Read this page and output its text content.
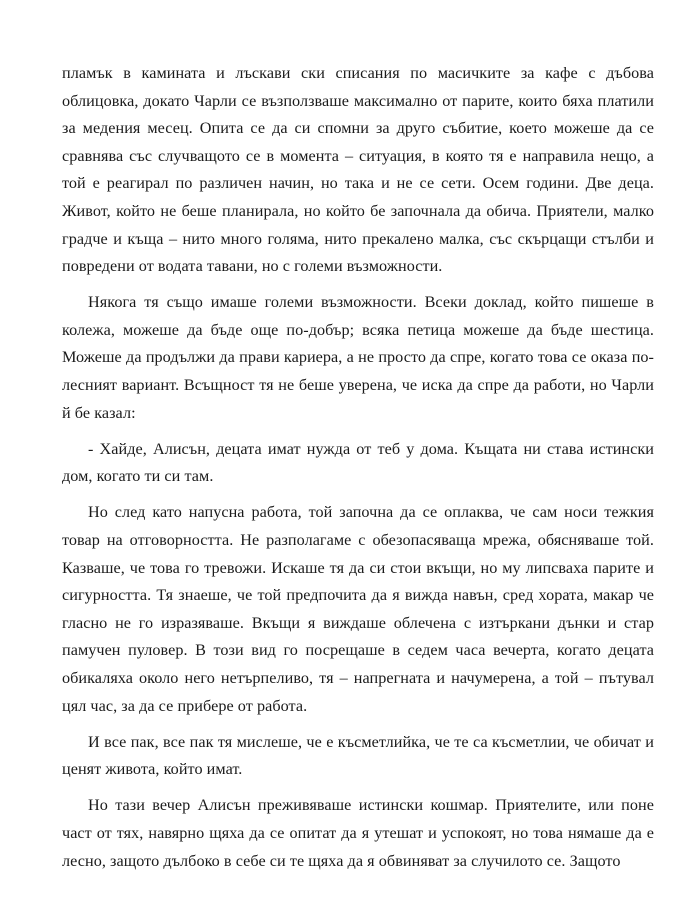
пламък в камината и лъскави ски списания по масичките за кафе с дъбова облицовка, докато Чарли се възползваше максимално от парите, които бяха платили за медения месец. Опита се да си спомни за друго събитие, което можеше да се сравнява със случващото се в момента – ситуация, в която тя е направила нещо, а той е реагирал по различен начин, но така и не се сети. Осем години. Две деца. Живот, който не беше планирала, но който бе започнала да обича. Приятели, малко градче и къща – нито много голяма, нито прекалено малка, със скърцащи стълби и повредени от водата тавани, но с големи възможности.

Някога тя също имаше големи възможности. Всеки доклад, който пишеше в колежа, можеше да бъде още по-добър; всяка петица можеше да бъде шестица. Можеше да продължи да прави кариера, а не просто да спре, когато това се оказа по-лесният вариант. Всъщност тя не беше уверена, че иска да спре да работи, но Чарли й бе казал:

- Хайде, Алисън, децата имат нужда от теб у дома. Къщата ни става истински дом, когато ти си там.

Но след като напусна работа, той започна да се оплаква, че сам носи тежкия товар на отговорността. Не разполагаме с обезопасяваща мрежа, обясняваше той. Казваше, че това го тревожи. Искаше тя да си стои вкъщи, но му липсваха парите и сигурността. Тя знаеше, че той предпочита да я вижда навън, сред хората, макар че гласно не го изразяваше. Вкъщи я виждаше облечена с изтъркани дънки и стар памучен пуловер. В този вид го посрещаше в седем часа вечерта, когато децата обикаляха около него нетърпеливо, тя – напрегната и начумерена, а той – пътувал цял час, за да се прибере от работа.

И все пак, все пак тя мислеше, че е късметлийка, че те са късметлии, че обичат и ценят живота, който имат.

Но тази вечер Алисън преживяваше истински кошмар. Приятелите, или поне част от тях, навярно щяха да се опитат да я утешат и успокоят, но това нямаше да е лесно, защото дълбоко в себе си те щяха да я обвиняват за случилото се. Защото
